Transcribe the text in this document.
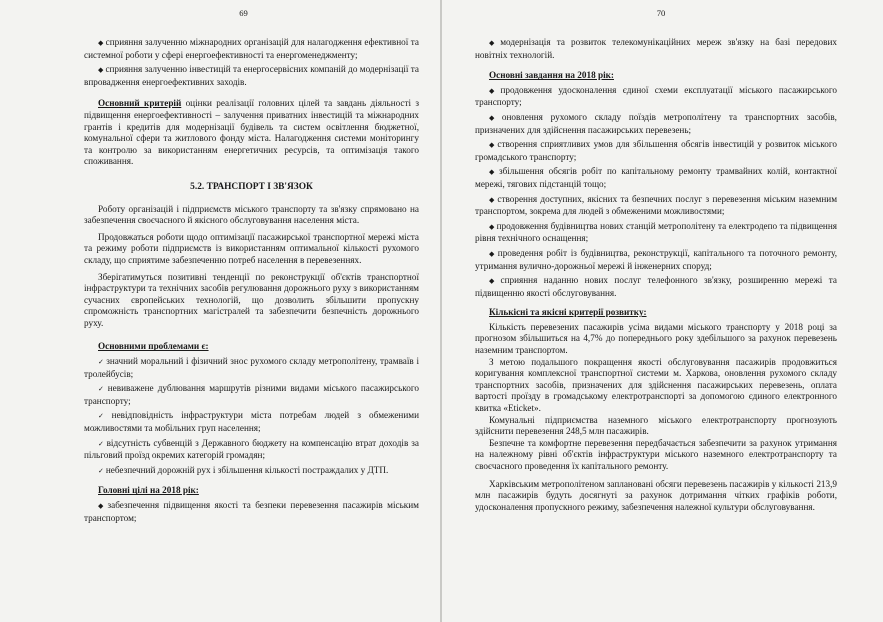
69

◆ сприяння залученню міжнародних організацій для налагодження ефективної та системної роботи у сфері енергоефективності та енергоменеджменту;

◆ сприяння залученню інвестицій та енергосервісних компаній до модернізації та впровадження енергоефективних заходів.

Основний критерій оцінки реалізації головних цілей та завдань діяльності з підвищення енергоефективності – залучення приватних інвестицій та міжнародних грантів і кредитів для модернізації будівель та систем освітлення бюджетної, комунальної сфери та житлового фонду міста. Налагодження системи моніторингу та контролю за використанням енергетичних ресурсів, та оптимізація такого споживання.

5.2. ТРАНСПОРТ І ЗВ'ЯЗОК

Роботу організацій і підприємств міського транспорту та зв'язку спрямовано на забезпечення своєчасного й якісного обслуговування населення міста.

Продовжаться роботи щодо оптимізації пасажирської транспортної мережі міста та режиму роботи підприємств із використанням оптимальної кількості рухомого складу, що сприятиме забезпеченню потреб населення в перевезеннях.

Зберігатимуться позитивні тенденції по реконструкції об'єктів транспортної інфраструктури та технічних засобів регулювання дорожнього руху з використанням сучасних європейських технологій, що дозволить збільшити пропускну спроможність транспортних магістралей та забезпечити безпечність дорожнього руху.

Основними проблемами є:

✓ значний моральний і фізичний знос рухомого складу метрополітену, трамваїв і тролейбусів;

✓ невиважене дублювання маршрутів різними видами міського пасажирського транспорту;

✓ невідповідність інфраструктури міста потребам людей з обмеженими можливостями та мобільних груп населення;

✓ відсутність субвенцій з Державного бюджету на компенсацію втрат доходів за пільговий проїзд окремих категорій громадян;

✓ небезпечний дорожній рух і збільшення кількості постраждалих у ДТП.

Головні цілі на 2018 рік:

◆ забезпечення підвищення якості та безпеки перевезення пасажирів міським транспортом;

70

◆ модернізація та розвиток телекомунікаційних мереж зв'язку на базі передових новітніх технологій.

Основні завдання на 2018 рік:

◆ продовження удосконалення єдиної схеми експлуатації міського пасажирського транспорту;

◆ оновлення рухомого складу поїздів метрополітену та транспортних засобів, призначених для здійснення пасажирських перевезень;

◆ створення сприятливих умов для збільшення обсягів інвестицій у розвиток міського громадського транспорту;

◆ збільшення обсягів робіт по капітальному ремонту трамвайних колій, контактної мережі, тягових підстанцій тощо;

◆ створення доступних, якісних та безпечних послуг з перевезення міським наземним транспортом, зокрема для людей з обмеженими можливостями;

◆ продовження будівництва нових станцій метрополітену та електродепо та підвищення рівня технічного оснащення;

◆ проведення робіт із будівництва, реконструкції, капітального та поточного ремонту, утримання вулично-дорожньої мережі й інженерних споруд;

◆ сприяння наданню нових послуг телефонного зв'язку, розширенню мережі та підвищенню якості обслуговування.

Кількісні та якісні критерії розвитку:

Кількість перевезених пасажирів усіма видами міського транспорту у 2018 році за прогнозом збільшиться на 4,7% до попереднього року здебільшого за рахунок перевезень наземним транспортом.

З метою подальшого покращення якості обслуговування пасажирів продовжиться коригування комплексної транспортної системи м. Харкова, оновлення рухомого складу транспортних засобів, призначених для здійснення пасажирських перевезень, оплата вартості проїзду в громадському електротранспорті за допомогою єдиного електронного квитка «Eticket».

Комунальні підприємства наземного міського електротранспорту прогнозують здійснити перевезення 248,5 млн пасажирів.

Безпечне та комфортне перевезення передбачається забезпечити за рахунок утримання на належному рівні об'єктів інфраструктури міського наземного електротранспорту та своєчасного проведення їх капітального ремонту.

Харківським метрополітеном заплановані обсяги перевезень пасажирів у кількості 213,9 млн пасажирів будуть досягнуті за рахунок дотримання чітких графіків роботи, удосконалення пропускного режиму, забезпечення належної культури обслуговування.
